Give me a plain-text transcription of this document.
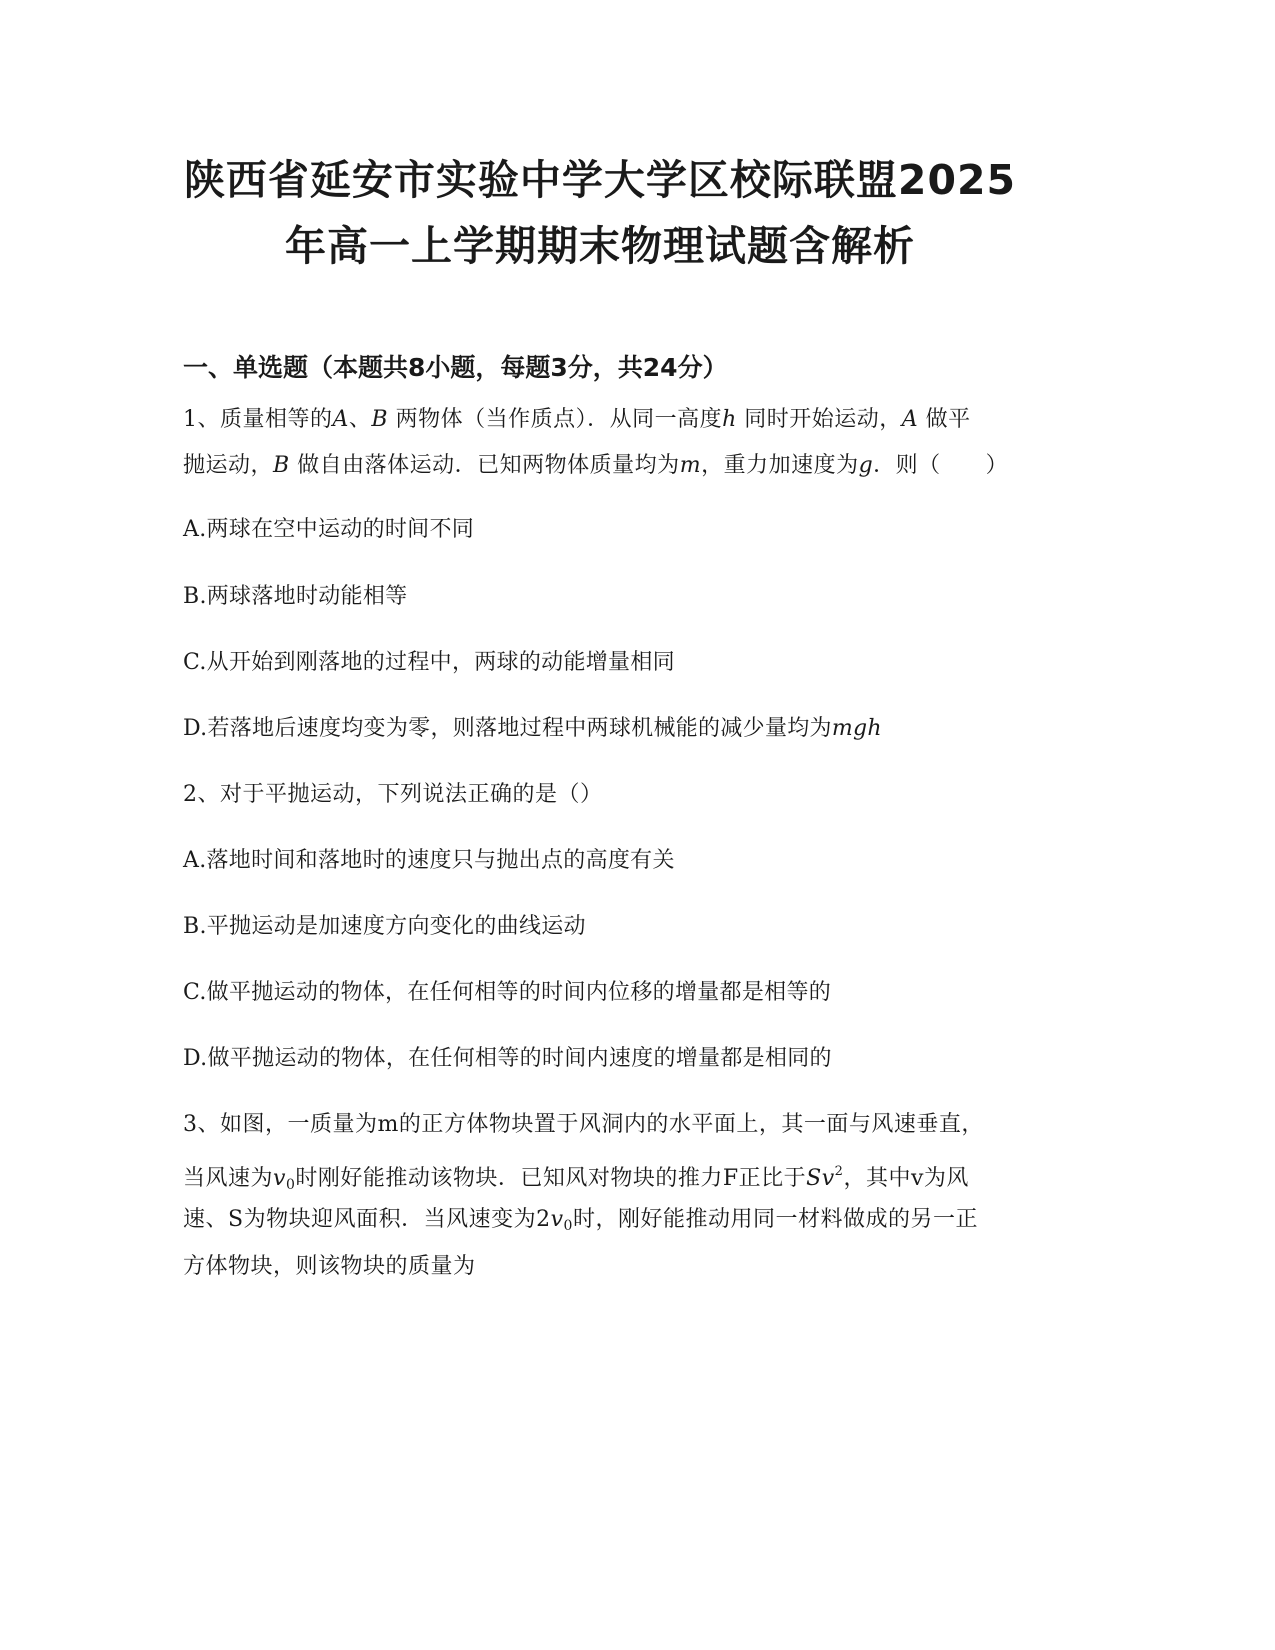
陕西省延安市实验中学大学区校际联盟2025
年高一上学期期末物理试题含解析
一、单选题（本题共8小题，每题3分，共24分）
1、质量相等的A、B 两物体（当作质点）．从同一高度h 同时开始运动，A 做平
抛运动，B 做自由落体运动．已知两物体质量均为m，重力加速度为g．则（　　）
A.两球在空中运动的时间不同
B.两球落地时动能相等
C.从开始到刚落地的过程中，两球的动能增量相同
D.若落地后速度均变为零，则落地过程中两球机械能的减少量均为mgh
2、对于平抛运动，下列说法正确的是（）
A.落地时间和落地时的速度只与抛出点的高度有关
B.平抛运动是加速度方向变化的曲线运动
C.做平抛运动的物体，在任何相等的时间内位移的增量都是相等的
D.做平抛运动的物体，在任何相等的时间内速度的增量都是相同的
3、如图，一质量为m的正方体物块置于风洞内的水平面上，其一面与风速垂直，
当风速为$v_0$时刚好能推动该物块．已知风对物块的推力F正比于Sv$^2$，其中v为风
速、S为物块迎风面积．当风速变为$2v_0$时，刚好能推动用同一材料做成的另一正
方体物块，则该物块的质量为
